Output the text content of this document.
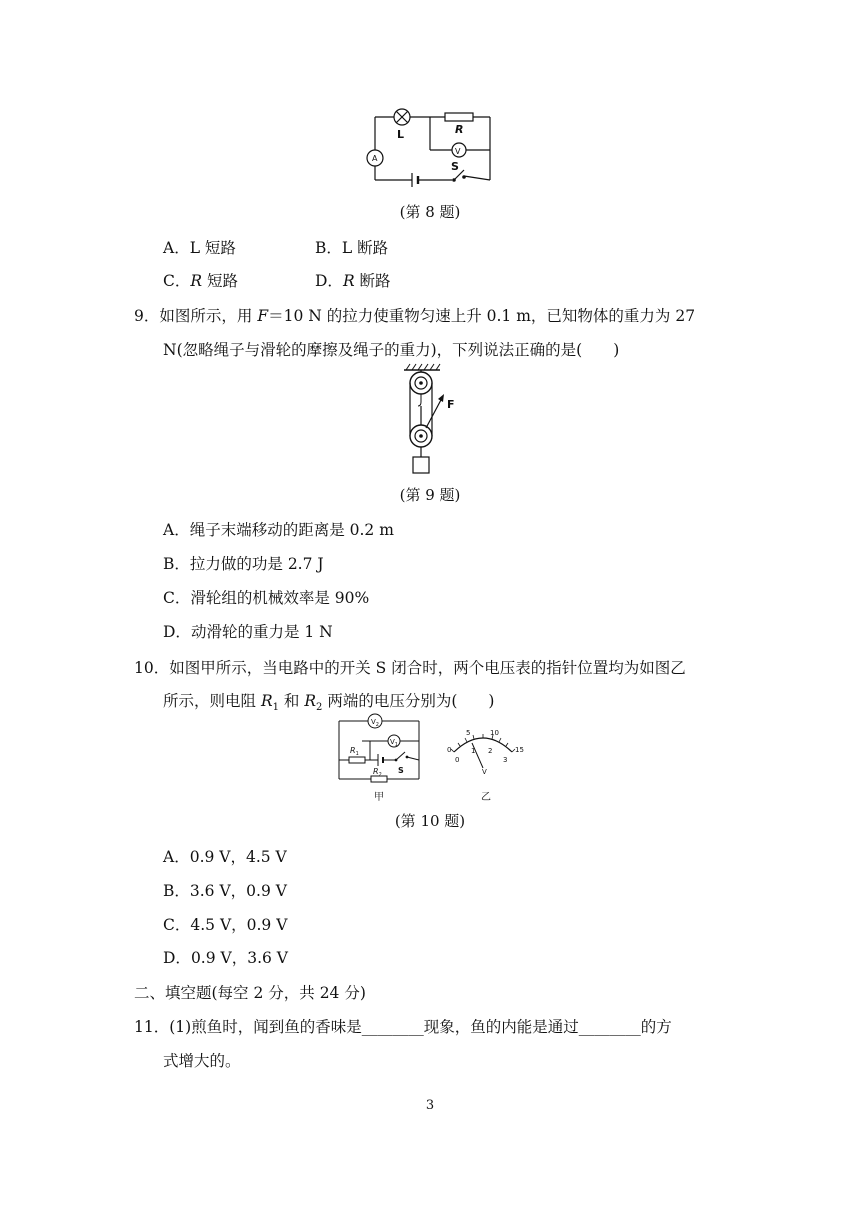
L	R
V
A
S
(第 8 题)
A．L 短路	B．L 断路
C．R 短路	D．R 断路
9．如图所示，用 F＝10 N 的拉力使重物匀速上升 0.1 m，已知物体的重力为 27
N(忽略绳子与滑轮的摩擦及绳子的重力)，下列说法正确的是(　　)
F
(第 9 题)
A．绳子末端移动的距离是 0.2 m
B．拉力做的功是 2.7 J
C．滑轮组的机械效率是 90%
D．动滑轮的重力是 1 N
10．如图甲所示，当电路中的开关 S 闭合时，两个电压表的指针位置均为如图乙
所示，则电阻 $R_1$ 和 $R_2$ 两端的电压分别为(　　)
$V_2$
$V_1$
$R_1$
S
$R_2$
甲	乙
0
5	10
15
0
1 2
3
V
(第 10 题)
A．0.9 V，4.5 V
B．3.6 V，0.9 V
C．4.5 V，0.9 V
D．0.9 V，3.6 V
二、填空题(每空 2 分，共 24 分)
11．(1)煎鱼时，闻到鱼的香味是________现象，鱼的内能是通过________的方
式增大的。
3
